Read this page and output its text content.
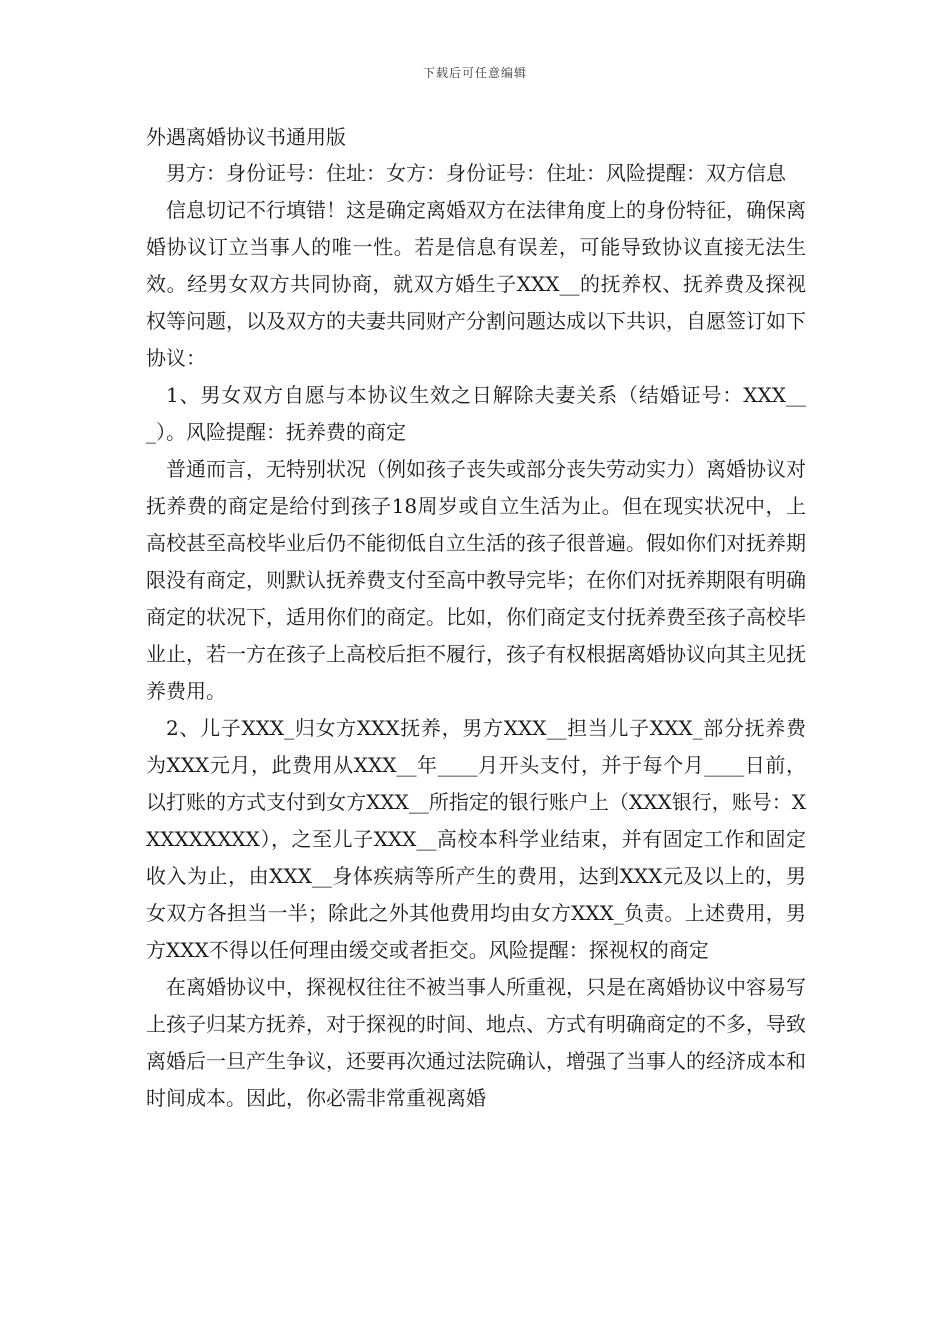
下载后可任意编辑
外遇离婚协议书通用版

男方：身份证号：住址：女方：身份证号：住址：风险提醒：双方信息

信息切记不行填错！这是确定离婚双方在法律角度上的身份特征，确保离婚协议订立当事人的唯一性。若是信息有误差，可能导致协议直接无法生效。经男女双方共同协商，就双方婚生子XXX__的抚养权、抚养费及探视权等问题，以及双方的夫妻共同财产分割问题达成以下共识，自愿签订如下协议：

1、男女双方自愿与本协议生效之日解除夫妻关系（结婚证号：XXX___）。风险提醒：抚养费的商定

普通而言，无特别状况（例如孩子丧失或部分丧失劳动实力）离婚协议对抚养费的商定是给付到孩子18周岁或自立生活为止。但在现实状况中，上高校甚至高校毕业后仍不能彻低自立生活的孩子很普遍。假如你们对抚养期限没有商定，则默认抚养费支付至高中教导完毕；在你们对抚养期限有明确商定的状况下，适用你们的商定。比如，你们商定支付抚养费至孩子高校毕业止，若一方在孩子上高校后拒不履行，孩子有权根据离婚协议向其主见抚养费用。

2、儿子XXX_归女方XXX抚养，男方XXX__担当儿子XXX_部分抚养费为XXX元月，此费用从XXX__年____月开头支付，并于每个月____日前，以打账的方式支付到女方XXX__所指定的银行账户上（XXX银行，账号：XXXXXXXXX），之至儿子XXX__高校本科学业结束，并有固定工作和固定收入为止，由XXX__身体疾病等所产生的费用，达到XXX元及以上的，男女双方各担当一半；除此之外其他费用均由女方XXX_负责。上述费用，男方XXX不得以任何理由缓交或者拒交。风险提醒：探视权的商定

在离婚协议中，探视权往往不被当事人所重视，只是在离婚协议中容易写上孩子归某方抚养，对于探视的时间、地点、方式有明确商定的不多，导致离婚后一旦产生争议，还要再次通过法院确认，增强了当事人的经济成本和时间成本。因此，你必需非常重视离婚
